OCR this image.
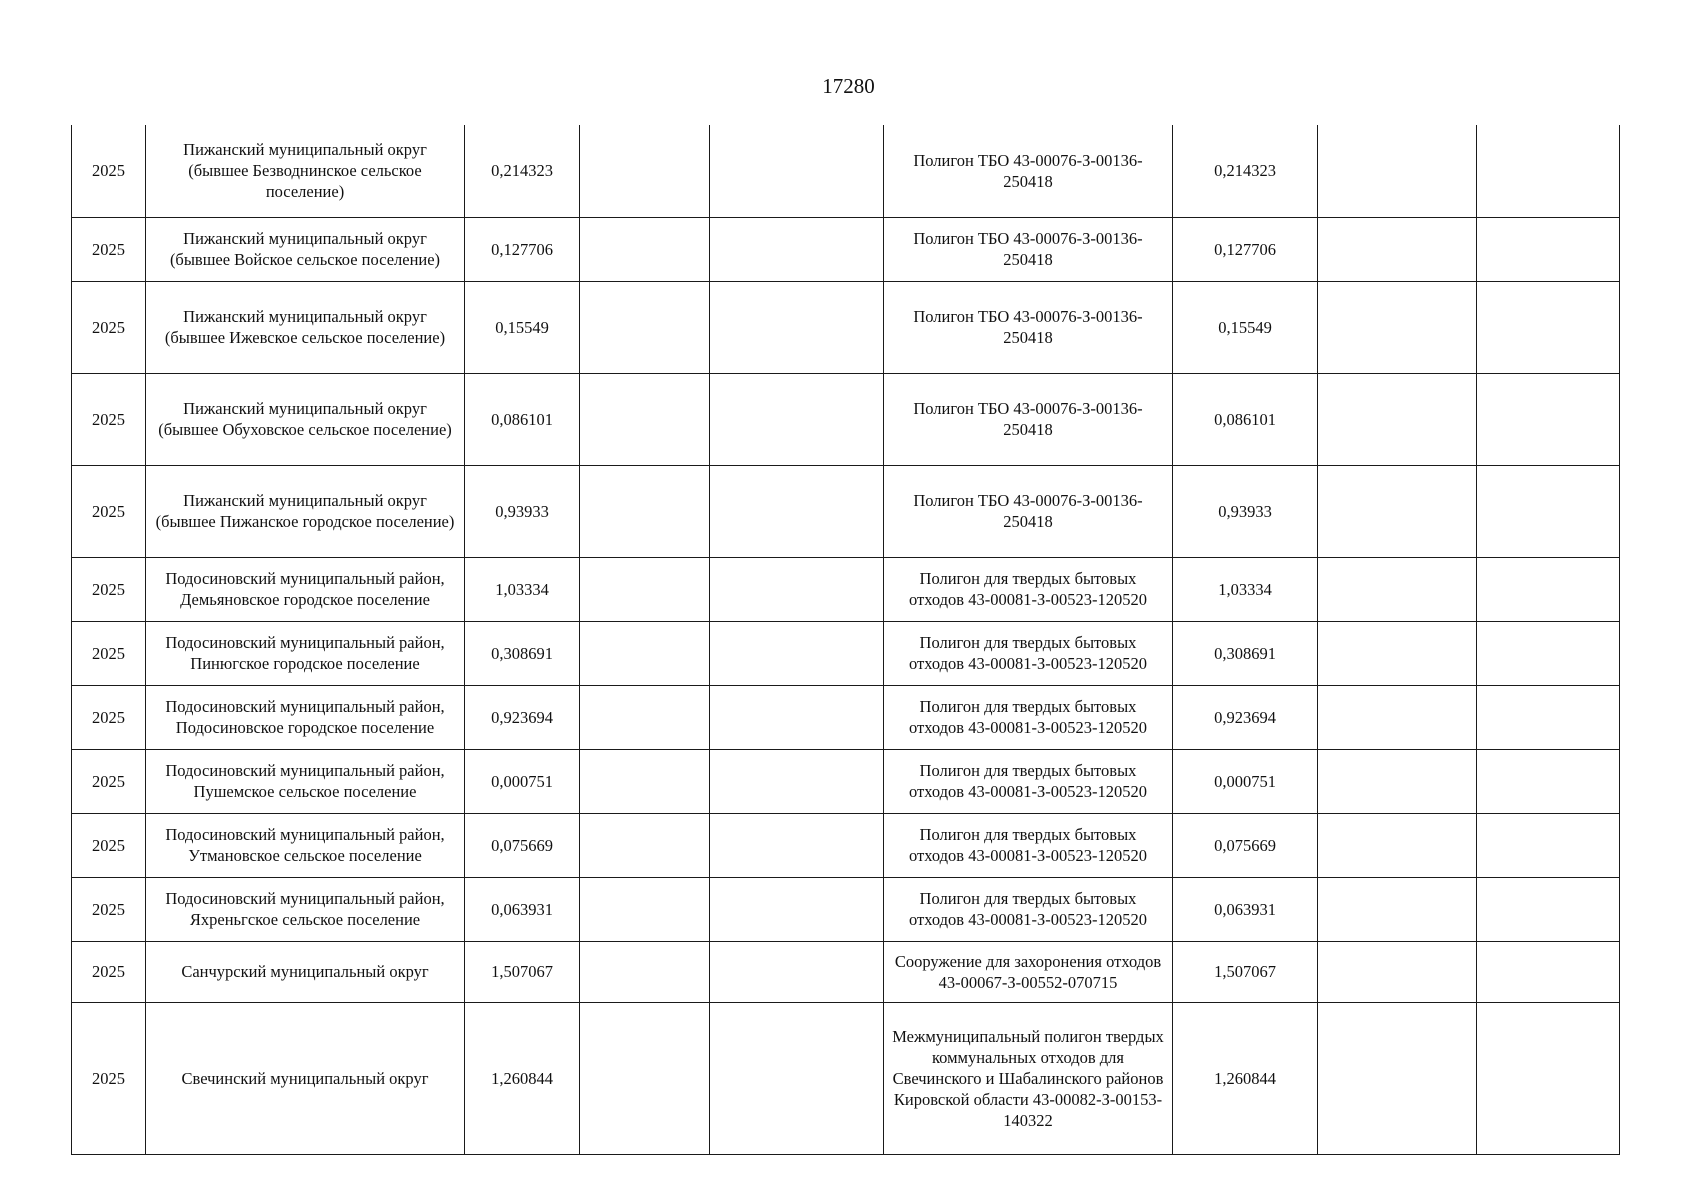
17280
2025	Пижанский муниципальный округ (бывшее Безводнинское сельское поселение)	0,214323			Полигон ТБО 43-00076-З-00136-250418	0,214323		
2025	Пижанский муниципальный округ (бывшее Войское сельское поселение)	0,127706			Полигон ТБО 43-00076-З-00136-250418	0,127706		
2025	Пижанский муниципальный округ (бывшее Ижевское сельское поселение)	0,15549			Полигон ТБО 43-00076-З-00136-250418	0,15549		
2025	Пижанский муниципальный округ (бывшее Обуховское сельское поселение)	0,086101			Полигон ТБО 43-00076-З-00136-250418	0,086101		
2025	Пижанский муниципальный округ (бывшее Пижанское городское поселение)	0,93933			Полигон ТБО 43-00076-З-00136-250418	0,93933		
2025	Подосиновский муниципальный район, Демьяновское городское поселение	1,03334			Полигон для твердых бытовых отходов 43-00081-З-00523-120520	1,03334		
2025	Подосиновский муниципальный район, Пинюгское городское поселение	0,308691			Полигон для твердых бытовых отходов 43-00081-З-00523-120520	0,308691		
2025	Подосиновский муниципальный район, Подосиновское городское поселение	0,923694			Полигон для твердых бытовых отходов 43-00081-З-00523-120520	0,923694		
2025	Подосиновский муниципальный район, Пушемское сельское поселение	0,000751			Полигон для твердых бытовых отходов 43-00081-З-00523-120520	0,000751		
2025	Подосиновский муниципальный район, Утмановское сельское поселение	0,075669			Полигон для твердых бытовых отходов 43-00081-З-00523-120520	0,075669		
2025	Подосиновский муниципальный район, Яхреньгское сельское поселение	0,063931			Полигон для твердых бытовых отходов 43-00081-З-00523-120520	0,063931		
2025	Санчурский муниципальный округ	1,507067			Сооружение для захоронения отходов 43-00067-З-00552-070715	1,507067		
2025	Свечинский муниципальный округ	1,260844			Межмуниципальный полигон твердых коммунальных отходов для Свечинского и Шабалинского районов Кировской области 43-00082-З-00153-140322	1,260844		
